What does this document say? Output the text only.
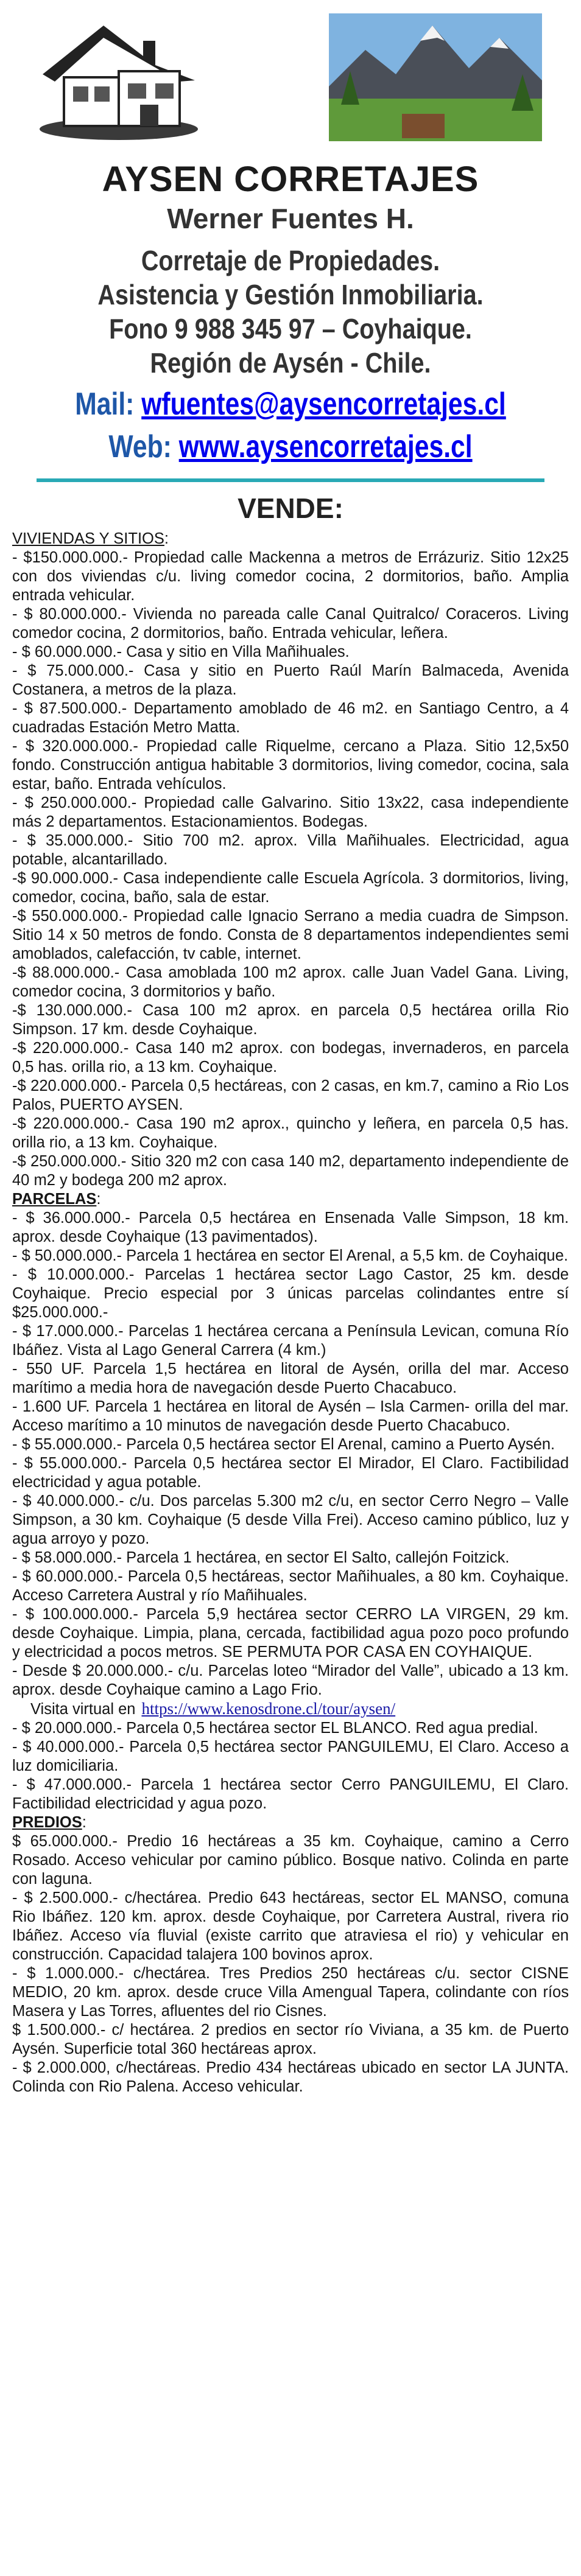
AYSEN CORRETAJES
Werner Fuentes H.
Corretaje de Propiedades.
Asistencia y Gestión Inmobiliaria.
Fono 9 988 345 97 – Coyhaique.
Región de Aysén - Chile.
Mail: wfuentes@aysencorretajes.cl
Web: www.aysencorretajes.cl
VENDE:

VIVIENDAS Y SITIOS:

- $150.000.000.- Propiedad calle Mackenna a metros de Errázuriz. Sitio 12x25 con dos viviendas c/u. living comedor cocina, 2 dormitorios, baño. Amplia entrada vehicular.

- $ 80.000.000.- Vivienda no pareada calle Canal Quitralco/ Coraceros. Living comedor cocina, 2 dormitorios, baño. Entrada vehicular, leñera.

- $ 60.000.000.- Casa y sitio en Villa Mañihuales.

- $ 75.000.000.- Casa y sitio en Puerto Raúl Marín Balmaceda, Avenida Costanera, a metros de la plaza.

- $ 87.500.000.- Departamento amoblado de 46 m2. en Santiago Centro, a 4 cuadradas Estación Metro Matta.

- $ 320.000.000.- Propiedad calle Riquelme, cercano a Plaza. Sitio 12,5x50 fondo. Construcción antigua habitable 3 dormitorios, living comedor, cocina, sala estar, baño. Entrada vehículos.

- $ 250.000.000.- Propiedad calle Galvarino. Sitio 13x22, casa independiente más 2 departamentos. Estacionamientos. Bodegas.

- $ 35.000.000.- Sitio 700 m2. aprox. Villa Mañihuales. Electricidad, agua potable, alcantarillado.

-$ 90.000.000.- Casa independiente calle Escuela Agrícola. 3 dormitorios, living, comedor, cocina, baño, sala de estar.

-$ 550.000.000.- Propiedad calle Ignacio Serrano a media cuadra de Simpson. Sitio 14 x 50 metros de fondo. Consta de 8 departamentos independientes semi amoblados, calefacción, tv cable, internet.

-$ 88.000.000.- Casa amoblada 100 m2 aprox. calle Juan Vadel Gana. Living, comedor cocina, 3 dormitorios y baño.

-$ 130.000.000.- Casa 100 m2 aprox. en parcela 0,5 hectárea orilla Rio Simpson. 17 km. desde Coyhaique.

-$ 220.000.000.- Casa 140 m2 aprox. con bodegas, invernaderos, en parcela 0,5 has. orilla rio, a 13 km. Coyhaique.

-$ 220.000.000.- Parcela 0,5 hectáreas, con 2 casas, en km.7, camino a Rio Los Palos, PUERTO AYSEN.

-$ 220.000.000.- Casa 190 m2 aprox., quincho y leñera, en parcela 0,5 has. orilla rio, a 13 km. Coyhaique.

-$ 250.000.000.- Sitio 320 m2 con casa 140 m2, departamento independiente de 40 m2 y bodega 200 m2 aprox.

PARCELAS:

- $ 36.000.000.- Parcela 0,5 hectárea en Ensenada Valle Simpson, 18 km. aprox. desde Coyhaique (13 pavimentados).

- $ 50.000.000.- Parcela 1 hectárea en sector El Arenal, a 5,5 km. de Coyhaique.

- $ 10.000.000.- Parcelas 1 hectárea sector Lago Castor, 25 km. desde Coyhaique. Precio especial por 3 únicas parcelas colindantes entre sí $25.000.000.-

- $ 17.000.000.- Parcelas 1 hectárea cercana a Península Levican, comuna Río Ibáñez. Vista al Lago General Carrera (4 km.)

- 550 UF. Parcela 1,5 hectárea en litoral de Aysén, orilla del mar. Acceso marítimo a media hora de navegación desde Puerto Chacabuco.

- 1.600 UF. Parcela 1 hectárea en litoral de Aysén – Isla Carmen- orilla del mar. Acceso marítimo a 10 minutos de navegación desde Puerto Chacabuco.

- $ 55.000.000.- Parcela 0,5 hectárea sector El Arenal, camino a Puerto Aysén.

- $ 55.000.000.- Parcela 0,5 hectárea sector El Mirador, El Claro. Factibilidad electricidad y agua potable.

- $ 40.000.000.- c/u. Dos parcelas 5.300 m2 c/u, en sector Cerro Negro – Valle Simpson, a 30 km. Coyhaique (5 desde Villa Frei). Acceso camino público, luz y agua arroyo y pozo.

- $ 58.000.000.- Parcela 1 hectárea, en sector El Salto, callejón Foitzick.

- $ 60.000.000.- Parcela 0,5 hectáreas, sector Mañihuales, a 80 km. Coyhaique. Acceso Carretera Austral y río Mañihuales.

- $ 100.000.000.- Parcela 5,9 hectárea sector CERRO LA VIRGEN, 29 km. desde Coyhaique. Limpia, plana, cercada, factibilidad agua pozo poco profundo y electricidad a pocos metros. SE PERMUTA POR CASA EN COYHAIQUE.

- Desde $ 20.000.000.- c/u. Parcelas loteo “Mirador del Valle”, ubicado a 13 km. aprox. desde Coyhaique camino a Lago Frio.

Visita virtual en https://www.kenosdrone.cl/tour/aysen/

- $ 20.000.000.- Parcela 0,5 hectárea sector EL BLANCO. Red agua predial.

- $ 40.000.000.- Parcela 0,5 hectárea sector PANGUILEMU, El Claro. Acceso a luz domiciliaria.

- $ 47.000.000.- Parcela 1 hectárea sector Cerro PANGUILEMU, El Claro. Factibilidad electricidad y agua pozo.

PREDIOS:

$ 65.000.000.- Predio 16 hectáreas a 35 km. Coyhaique, camino a Cerro Rosado. Acceso vehicular por camino público. Bosque nativo. Colinda en parte con laguna.

- $ 2.500.000.- c/hectárea. Predio 643 hectáreas, sector EL MANSO, comuna Rio Ibáñez. 120 km. aprox. desde Coyhaique, por Carretera Austral, rivera rio Ibáñez. Acceso vía fluvial (existe carrito que atraviesa el rio) y vehicular en construcción. Capacidad talajera 100 bovinos aprox.

- $ 1.000.000.- c/hectárea. Tres Predios 250 hectáreas c/u. sector CISNE MEDIO, 20 km. aprox. desde cruce Villa Amengual Tapera, colindante con ríos Masera y Las Torres, afluentes del rio Cisnes.

$ 1.500.000.- c/ hectárea. 2 predios en sector río Viviana, a 35 km. de Puerto Aysén. Superficie total 360 hectáreas aprox.

- $ 2.000.000, c/hectáreas. Predio 434 hectáreas ubicado en sector LA JUNTA. Colinda con Rio Palena. Acceso vehicular.
